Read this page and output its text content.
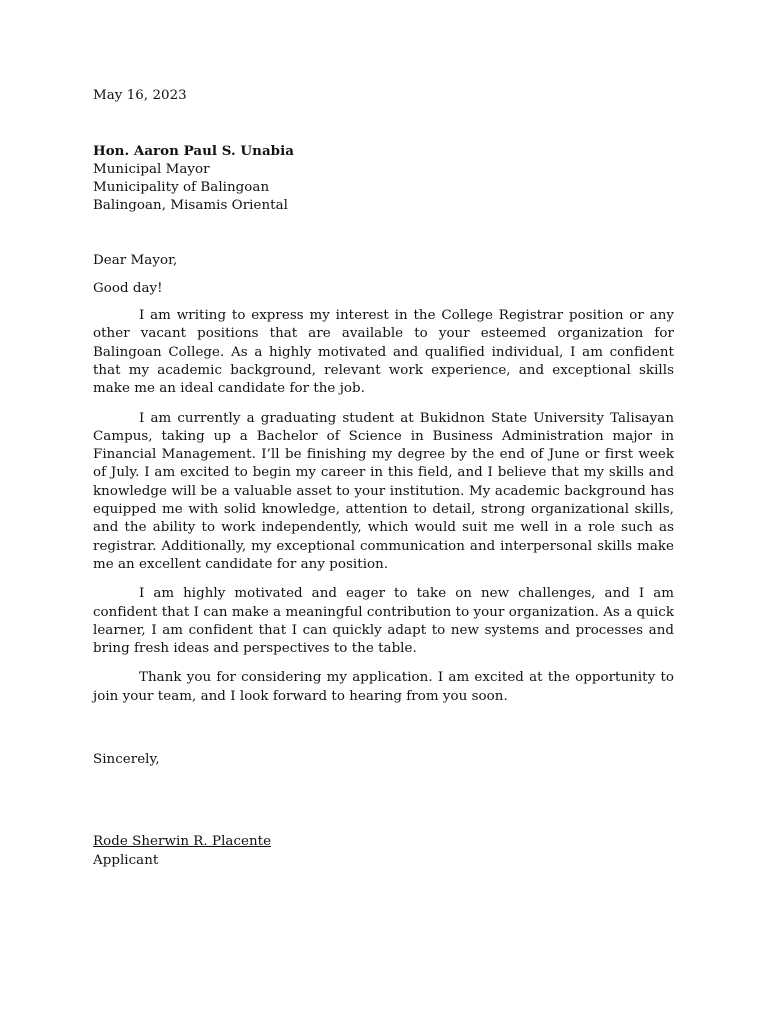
May 16, 2023
Hon. Aaron Paul S. Unabia
Municipal Mayor
Municipality of Balingoan
Balingoan, Misamis Oriental
Dear Mayor,
Good day!

I am writing to express my interest in the College Registrar position or any other vacant positions that are available to your esteemed organization for Balingoan College. As a highly motivated and qualified individual, I am confident that my academic background, relevant work experience, and exceptional skills make me an ideal candidate for the job.

I am currently a graduating student at Bukidnon State University Talisayan Campus, taking up a Bachelor of Science in Business Administration major in Financial Management. I’ll be finishing my degree by the end of June or first week of July. I am excited to begin my career in this field, and I believe that my skills and knowledge will be a valuable asset to your institution. My academic background has equipped me with solid knowledge, attention to detail, strong organizational skills, and the ability to work independently, which would suit me well in a role such as registrar. Additionally, my exceptional communication and interpersonal skills make me an excellent candidate for any position.

I am highly motivated and eager to take on new challenges, and I am confident that I can make a meaningful contribution to your organization. As a quick learner, I am confident that I can quickly adapt to new systems and processes and bring fresh ideas and perspectives to the table.

Thank you for considering my application. I am excited at the opportunity to join your team, and I look forward to hearing from you soon.

Sincerely,
Rode Sherwin R. Placente
Applicant
